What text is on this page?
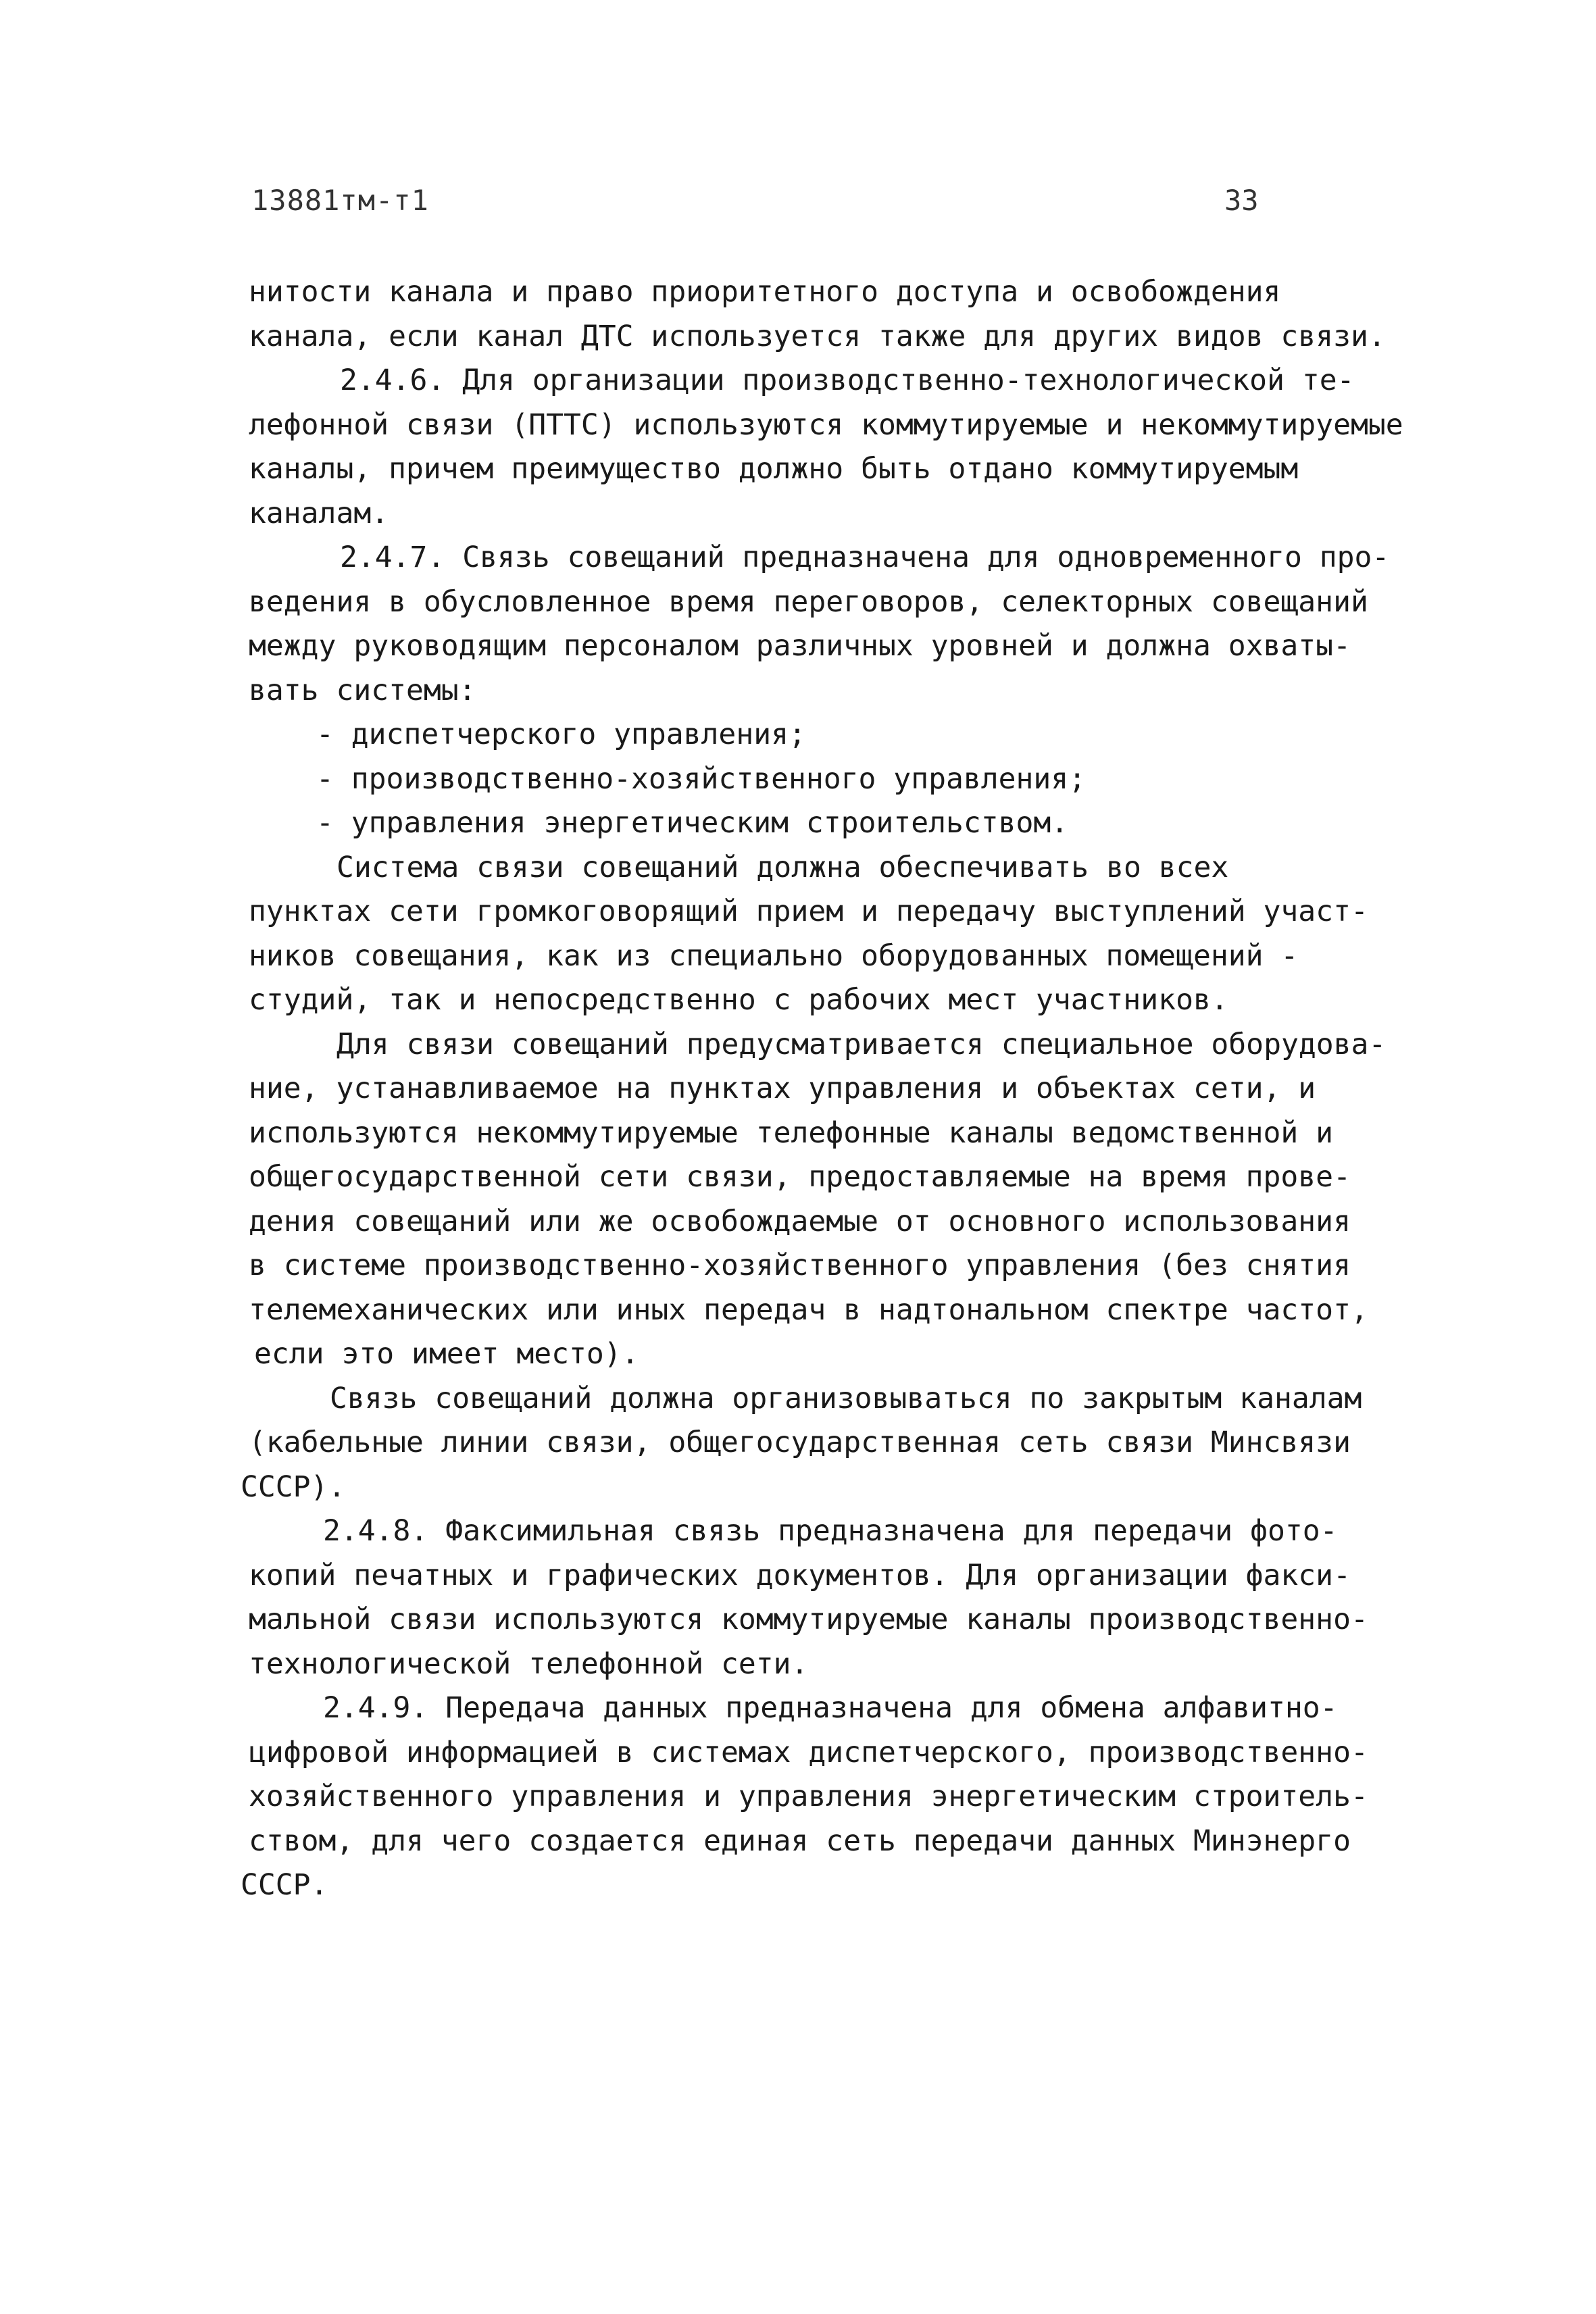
13881тм-т1	33
нитости канала и право приоритетного доступа и освобождения
канала, если канал ДТС используется также для других видов связи.
2.4.6. Для организации производственно-технологической те-
лефонной связи (ПТТС) используются коммутируемые и некоммутируемые
каналы, причем преимущество должно быть отдано коммутируемым
каналам.
2.4.7. Связь совещаний предназначена для одновременного про-
ведения в обусловленное время переговоров, селекторных совещаний
между руководящим персоналом различных уровней и должна охваты-
вать системы:
- диспетчерского управления;
- производственно-хозяйственного управления;
- управления энергетическим строительством.
Система связи совещаний должна обеспечивать во всех
пунктах сети громкоговорящий прием и передачу выступлений участ-
ников совещания, как из специально оборудованных помещений -
студий, так и непосредственно с рабочих мест участников.
Для связи совещаний предусматривается специальное оборудова-
ние, устанавливаемое на пунктах управления и объектах сети, и
используются некоммутируемые телефонные каналы ведомственной и
общегосударственной сети связи, предоставляемые на время прове-
дения совещаний или же освобождаемые от основного использования
в системе производственно-хозяйственного управления (без снятия
телемеханических или иных передач в надтональном спектре частот,
если это имеет место).
Связь совещаний должна организовываться по закрытым каналам
(кабельные линии связи, общегосударственная сеть связи Минсвязи
СССР).
2.4.8. Факсимильная связь предназначена для передачи фото-
копий печатных и графических документов. Для организации факси-
мальной связи используются коммутируемые каналы производственно-
технологической телефонной сети.
2.4.9. Передача данных предназначена для обмена алфавитно-
цифровой информацией в системах диспетчерского, производственно-
хозяйственного управления и управления энергетическим строитель-
ством, для чего создается единая сеть передачи данных Минэнерго
СССР.
